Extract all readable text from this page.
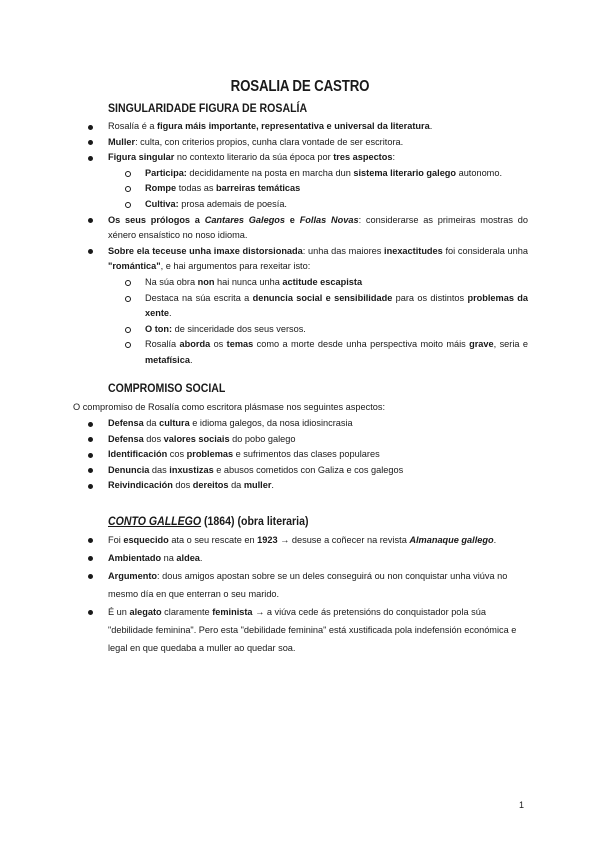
ROSALIA DE CASTRO
SINGULARIDADE FIGURA DE ROSALÍA
Rosalía é a figura máis importante, representativa e universal da literatura.
Muller: culta, con criterios propios, cunha clara vontade de ser escritora.
Figura singular no contexto literario da súa época por tres aspectos:
Participa: decididamente na posta en marcha dun sistema literario galego autonomo.
Rompe todas as barreiras temáticas
Cultiva: prosa ademais de poesía.
Os seus prólogos a Cantares Galegos e Follas Novas: considerarse as primeiras mostras do xénero ensaístico no noso idioma.
Sobre ela teceuse unha imaxe distorsionada: unha das maiores inexactitudes foi considerala unha "romántica", e hai argumentos para rexeitar isto:
Na súa obra non hai nunca unha actitude escapista
Destaca na súa escrita a denuncia social e sensibilidade para os distintos problemas da xente.
O ton: de sinceridade dos seus versos.
Rosalía aborda os temas como a morte desde unha perspectiva moito máis grave, seria e metafísica.
COMPROMISO SOCIAL
O compromiso de Rosalía como escritora plásmase nos seguintes aspectos:
Defensa da cultura e idioma galegos, da nosa idiosincrasia
Defensa dos valores sociais do pobo galego
Identificación cos problemas e sufrimentos das clases populares
Denuncia das inxustizas e abusos cometidos con Galiza e cos galegos
Reivindicación dos dereitos da muller.
CONTO GALLEGO (1864) (obra literaria)
Foi esquecido ata o seu rescate en 1923 → desuse a coñecer na revista Almanaque gallego.
Ambientado na aldea.
Argumento: dous amigos apostan sobre se un deles conseguirá ou non conquistar unha viúva no mesmo día en que enterran o seu marido.
É un alegato claramente feminista → a viúva cede ás pretensións do conquistador pola súa "debilidade feminina". Pero esta "debilidade feminina" está xustificada pola indefensión económica e legal en que quedaba a muller ao quedar soa.
1
